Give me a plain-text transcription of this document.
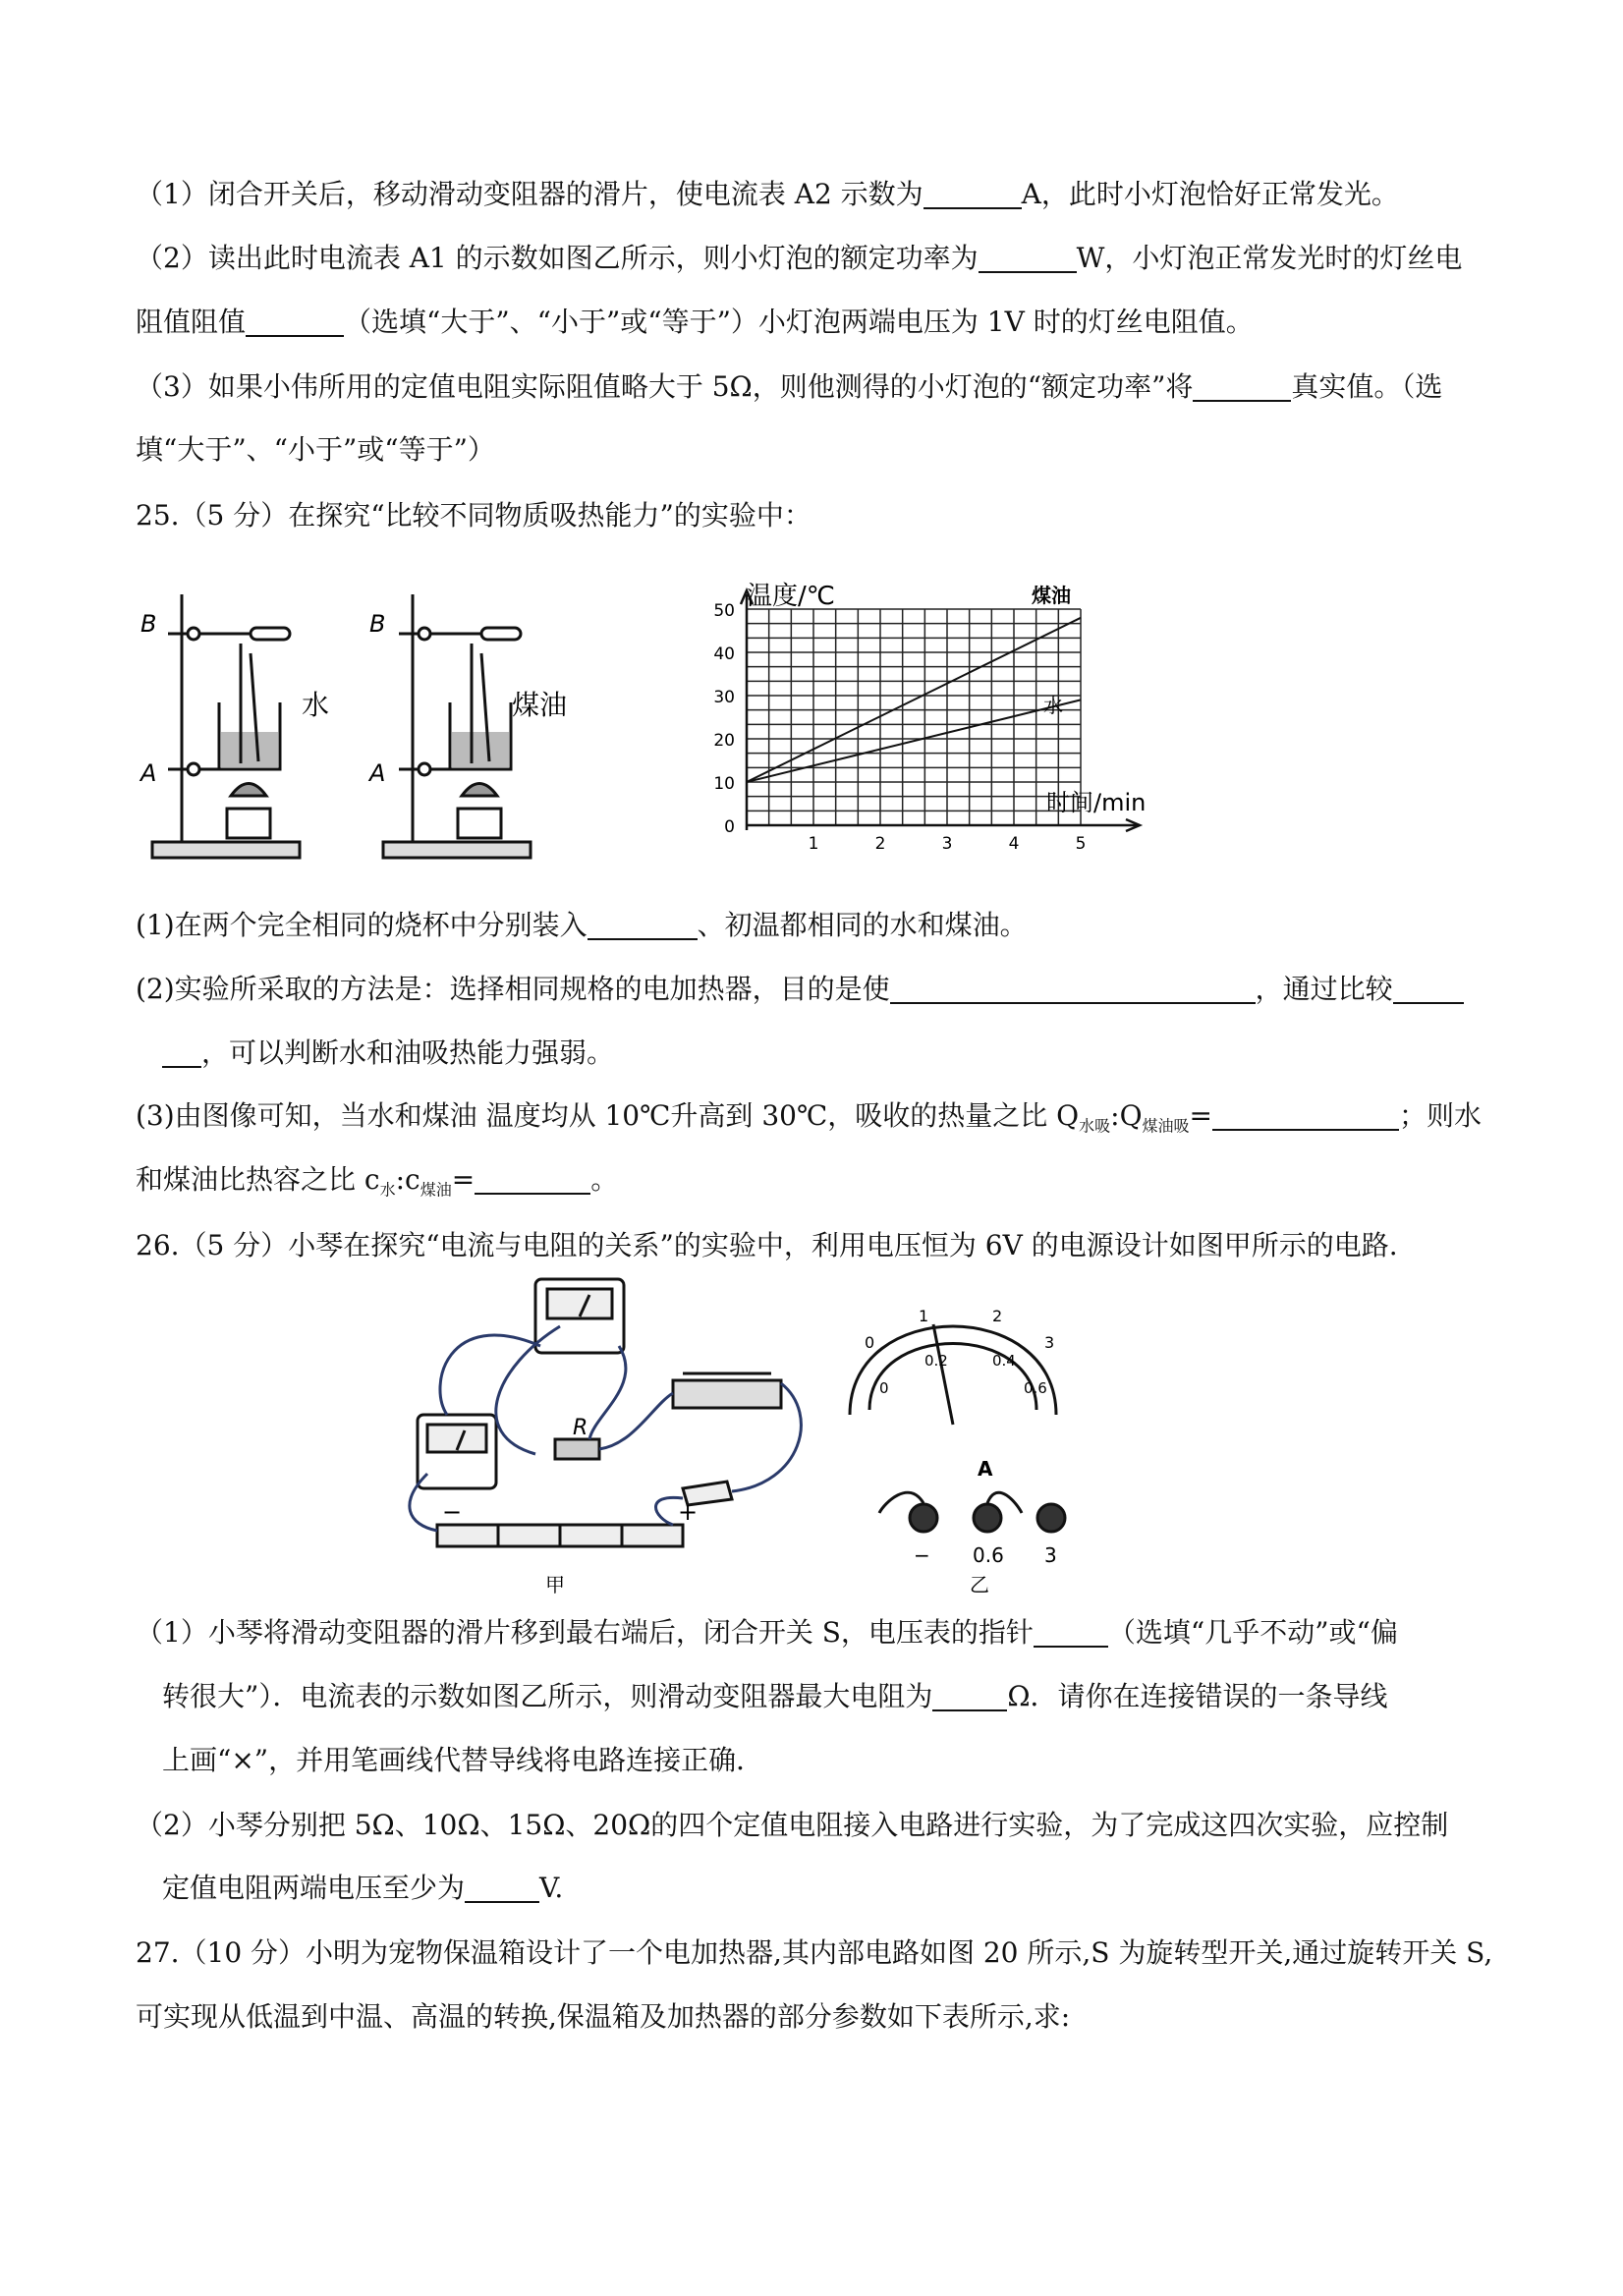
（1）闭合开关后，移动滑动变阻器的滑片，使电流表 A2 示数为	A，此时小灯泡恰好正常发光。
（2）读出此时电流表 A1 的示数如图乙所示，则小灯泡的额定功率为	W，小灯泡正常发光时的灯丝电
阻值阻值	（选填“大于”、“小于”或“等于”）小灯泡两端电压为 1V 时的灯丝电阻值。
（3）如果小伟所用的定值电阻实际阻值略大于 5Ω，则他测得的小灯泡的“额定功率”将	真实值。（选
填“大于”、“小于”或“等于”）
25.（5 分）在探究“比较不同物质吸热能力”的实验中：
B
A
水
B
A
煤油
0
10
20
30
40
50
1	2	3	4	5
温度/℃
时间/min
煤油
水
(1)在两个完全相同的烧杯中分别装入	、初温都相同的水和煤油。
(2)实验所采取的方法是：选择相同规格的电加热器，目的是使	，通过比较
，可以判断水和油吸热能力强弱。
(3)由图像可知，当水和煤油 温度均从 10℃升高到 30℃，吸收的热量之比 $Q_{水吸}:Q_{煤油吸}=$	；则水
和煤油比热容之比 $c_水:c_{煤油}=$	。
26.（5 分）小琴在探究“电流与电阻的关系”的实验中，利用电压恒为 6V 的电源设计如图甲所示的电路.
R
−	+
0
1	2
3
0
0.2	0.4
0.6
A
− 0.6 3
甲	乙
（1）小琴将滑动变阻器的滑片移到最右端后，闭合开关 S，电压表的指针	（选填“几乎不动”或“偏
转很大”）．电流表的示数如图乙所示，则滑动变阻器最大电阻为	Ω．请你在连接错误的一条导线
上画“×”，并用笔画线代替导线将电路连接正确．
（2）小琴分别把 5Ω、10Ω、15Ω、20Ω的四个定值电阻接入电路进行实验，为了完成这四次实验，应控制
定值电阻两端电压至少为	V.
27.（10 分）小明为宠物保温箱设计了一个电加热器,其内部电路如图 20 所示,S 为旋转型开关,通过旋转开关 S,
可实现从低温到中温、高温的转换,保温箱及加热器的部分参数如下表所示,求:
